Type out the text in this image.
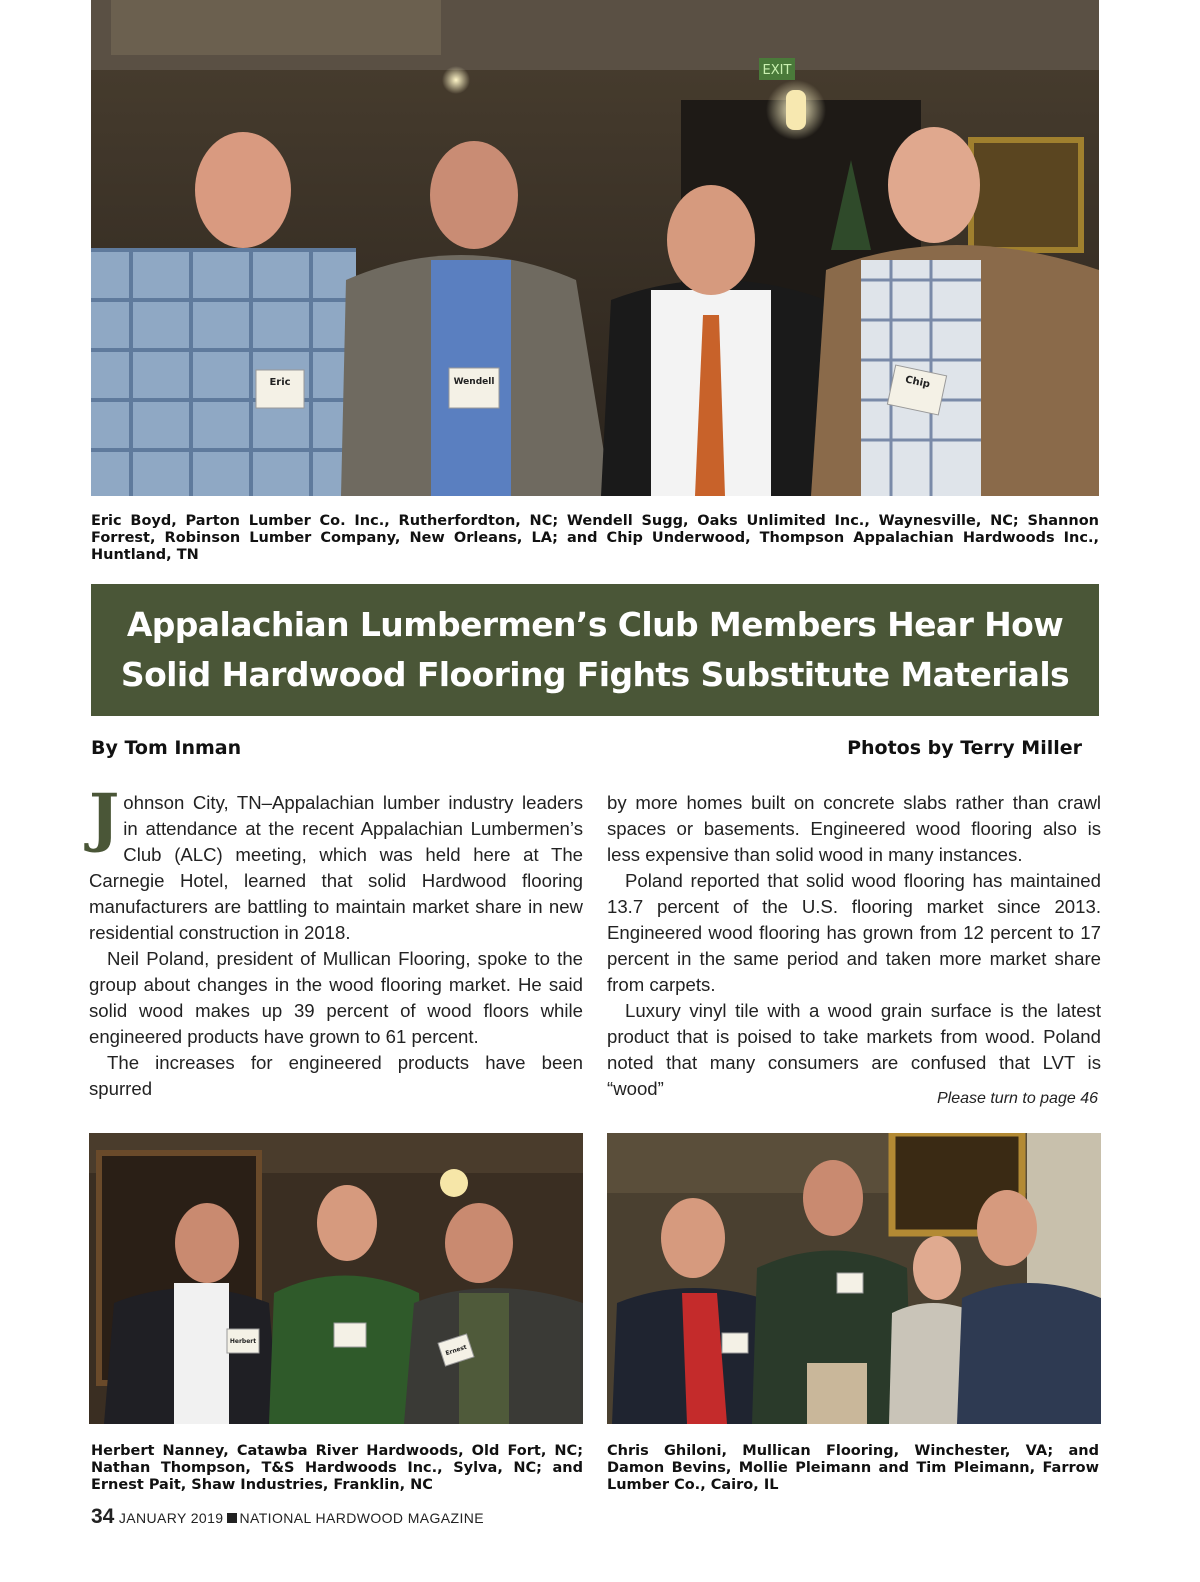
EXIT
Eric	Wendell	Chip

Eric Boyd, Parton Lumber Co. Inc., Rutherfordton, NC; Wendell Sugg, Oaks Unlimited Inc., Waynesville, NC; Shannon Forrest, Robinson Lumber Company, New Orleans, LA; and Chip Underwood, Thompson Appalachian Hardwoods Inc., Huntland, TN

Appalachian Lumbermen’s Club Members Hear How Solid Hardwood Flooring Fights Substitute Materials
By Tom Inman	Photos by Terry Miller

Johnson City, TN–Appalachian lumber industry leaders in attendance at the recent Appalachian Lumbermen’s Club (ALC) meeting, which was held here at The Carnegie Hotel, learned that solid Hardwood flooring manufacturers are battling to maintain market share in new residential construction in 2018.

Neil Poland, president of Mullican Flooring, spoke to the group about changes in the wood flooring market. He said solid wood makes up 39 percent of wood floors while engineered products have grown to 61 percent.

The increases for engineered products have been spurred

by more homes built on concrete slabs rather than crawl spaces or basements. Engineered wood flooring also is less expensive than solid wood in many instances.

Poland reported that solid wood flooring has maintained 13.7 percent of the U.S. flooring market since 2013. Engineered wood flooring has grown from 12 percent to 17 percent in the same period and taken more market share from carpets.

Luxury vinyl tile with a wood grain surface is the latest product that is poised to take markets from wood. Poland noted that many consumers are confused that LVT is “wood”	Please turn to page 46
Herbert
Ernest

Herbert Nanney, Catawba River Hardwoods, Old Fort, NC; Nathan Thompson, T&S Hardwoods Inc., Sylva, NC; and Ernest Pait, Shaw Industries, Franklin, NC

Chris Ghiloni, Mullican Flooring, Winchester, VA; and Damon Bevins, Mollie Pleimann and Tim Pleimann, Farrow Lumber Co., Cairo, IL

34 JANUARY 2019 NATIONAL HARDWOOD MAGAZINE
